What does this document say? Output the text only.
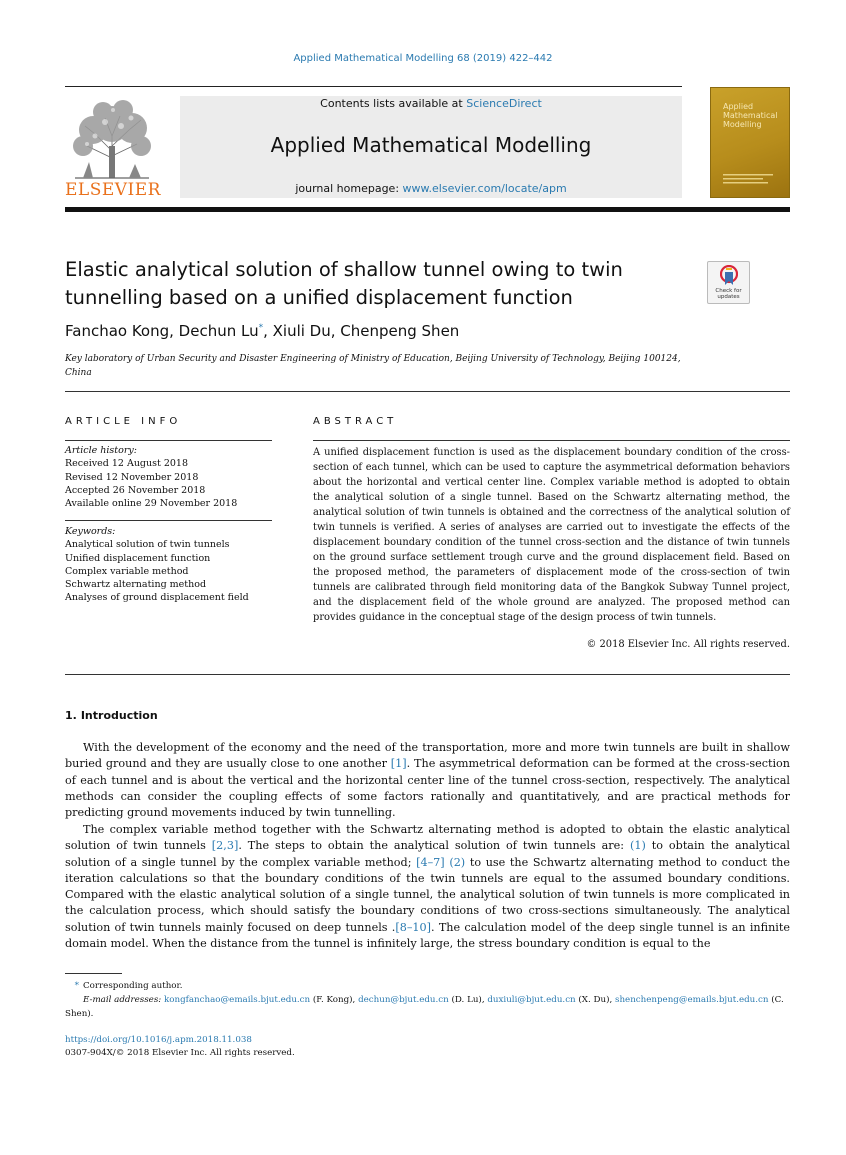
Applied Mathematical Modelling 68 (2019) 422–442
ELSEVIER
Contents lists available at ScienceDirect
Applied Mathematical Modelling
journal homepage: www.elsevier.com/locate/apm
Applied Mathematical Modelling
Elastic analytical solution of shallow tunnel owing to twin tunnelling based on a unified displacement function	Check for updates
Fanchao Kong, Dechun Lu*, Xiuli Du, Chenpeng Shen
Key laboratory of Urban Security and Disaster Engineering of Ministry of Education, Beijing University of Technology, Beijing 100124, China
ARTICLE INFO	ABSTRACT
Article history:
Received 12 August 2018
Revised 12 November 2018
Accepted 26 November 2018
Available online 29 November 2018
Keywords:
Analytical solution of twin tunnels
Unified displacement function
Complex variable method
Schwartz alternating method
Analyses of ground displacement field
A unified displacement function is used as the displacement boundary condition of the cross-section of each tunnel, which can be used to capture the asymmetrical deformation behaviors about the horizontal and vertical center line. Complex variable method is adopted to obtain the analytical solution of a single tunnel. Based on the Schwartz alternating method, the analytical solution of twin tunnels is obtained and the correctness of the analytical solution of twin tunnels is verified. A series of analyses are carried out to investigate the effects of the displacement boundary condition of the tunnel cross-section and the distance of twin tunnels on the ground surface settlement trough curve and the ground displacement field. Based on the proposed method, the parameters of displacement mode of the cross-section of twin tunnels are calibrated through field monitoring data of the Bangkok Subway Tunnel project, and the displacement field of the whole ground are analyzed. The proposed method can provides guidance in the conceptual stage of the design process of twin tunnels.
© 2018 Elsevier Inc. All rights reserved.
1. Introduction
With the development of the economy and the need of the transportation, more and more twin tunnels are built in shallow buried ground and they are usually close to one another [1]. The asymmetrical deformation can be formed at the cross-section of each tunnel and is about the vertical and the horizontal center line of the tunnel cross-section, respectively. The analytical methods can consider the coupling effects of some factors rationally and quantitatively, and are practical methods for predicting ground movements induced by twin tunnelling.
The complex variable method together with the Schwartz alternating method is adopted to obtain the elastic analytical solution of twin tunnels [2,3]. The steps to obtain the analytical solution of twin tunnels are: (1) to obtain the analytical solution of a single tunnel by the complex variable method; [4–7] (2) to use the Schwartz alternating method to conduct the iteration calculations so that the boundary conditions of the twin tunnels are equal to the assumed boundary conditions. Compared with the elastic analytical solution of a single tunnel, the analytical solution of twin tunnels is more complicated in the calculation process, which should satisfy the boundary conditions of two cross-sections simultaneously. The analytical solution of twin tunnels mainly focused on deep tunnels .[8–10]. The calculation model of the deep single tunnel is an infinite domain model. When the distance from the tunnel is infinitely large, the stress boundary condition is equal to the
* Corresponding author.
E-mail addresses: kongfanchao@emails.bjut.edu.cn (F. Kong), dechun@bjut.edu.cn (D. Lu), duxiuli@bjut.edu.cn (X. Du), shenchenpeng@emails.bjut.edu.cn (C. Shen).
https://doi.org/10.1016/j.apm.2018.11.038
0307-904X/© 2018 Elsevier Inc. All rights reserved.
